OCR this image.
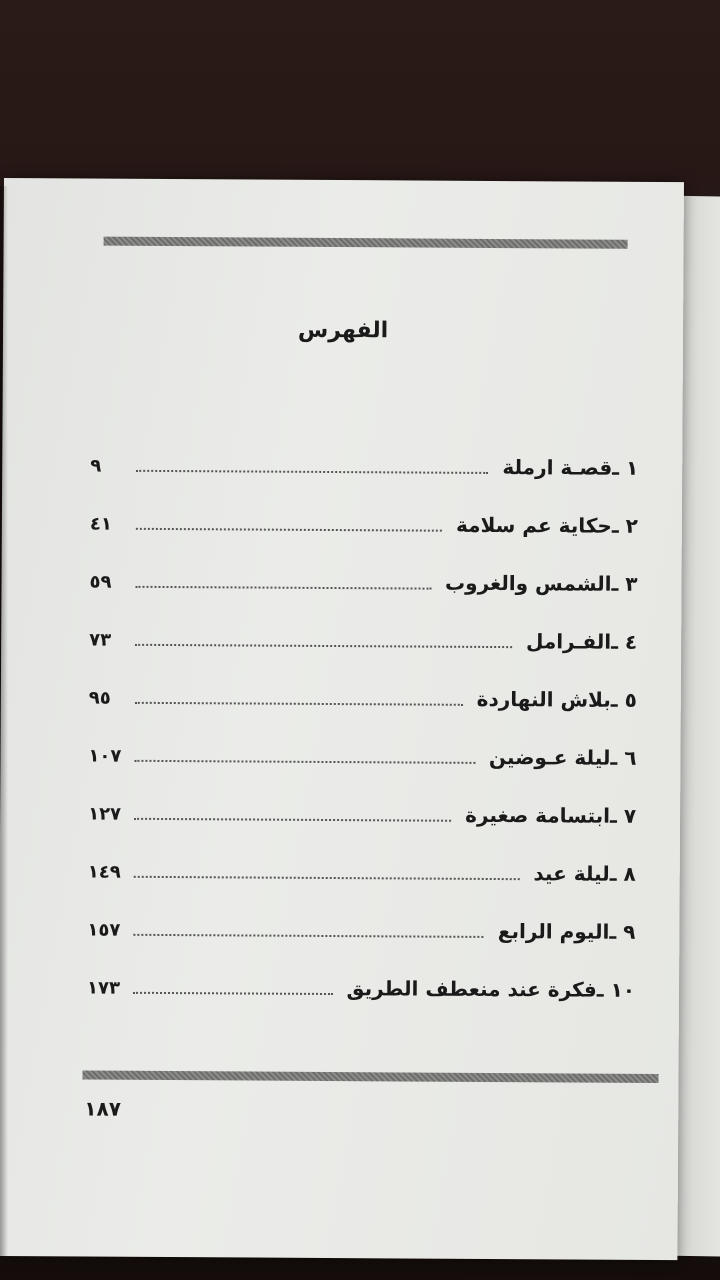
الفهرس
١ ـ
قصـة ارملة
٩
٢ ـ
حكاية عم سلامة
٤١
٣ ـ
الشمس والغروب
٥٩
٤ ـ
الفـرامل
٧٣
٥ ـ
بلاش النهاردة
٩٥
٦ ـ
ليلة عـوضين
١٠٧
٧ ـ
ابتسامة صغيرة
١٢٧
٨ ـ
ليلة عيد
١٤٩
٩ ـ
اليوم الرابع
١٥٧
١٠ ـ
فكرة عند منعطف الطريق
١٧٣
١٨٧
